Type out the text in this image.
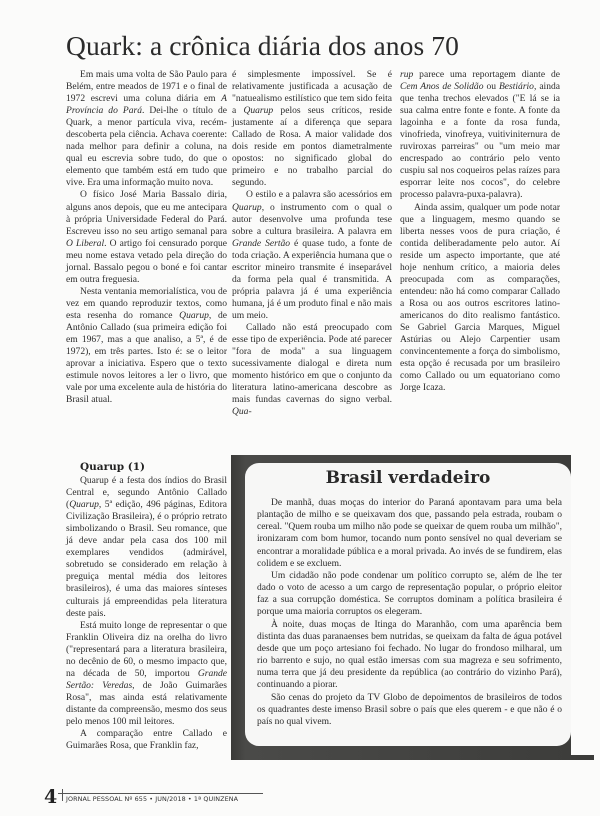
Quark: a crônica diária dos anos 70

Em mais uma volta de São Paulo para Belém, entre meados de 1971 e o final de 1972 escrevi uma coluna diária em A Província do Pará. Dei-lhe o título de Quark, a menor partícula viva, recém-descoberta pela ciência. Achava coerente: nada melhor para definir a coluna, na qual eu escrevia sobre tudo, do que o elemento que também está em tudo que vive. Era uma informação muito nova.

O físico José Maria Bassalo diria, alguns anos depois, que eu me antecipara à própria Universidade Federal do Pará. Escreveu isso no seu artigo semanal para O Liberal. O artigo foi censurado porque meu nome estava vetado pela direção do jornal. Bassalo pegou o boné e foi cantar em outra freguesia.

Nesta ventania memorialística, vou de vez em quando reproduzir textos, como esta resenha do romance Quarup, de Antônio Callado (sua primeira edição foi em 1967, mas a que analiso, a 5ª, é de 1972), em três partes. Isto é: se o leitor aprovar a iniciativa. Espero que o texto estimule novos leitores a ler o livro, que vale por uma excelente aula de história do Brasil atual.

Quarup (1)

Quarup é a festa dos índios do Brasil Central e, segundo Antônio Callado (Quarup, 5ª edição, 496 páginas, Editora Civilização Brasileira), é o próprio retrato simbolizando o Brasil. Seu romance, que já deve andar pela casa dos 100 mil exemplares vendidos (admirável, sobretudo se considerado em relação à preguiça mental média dos leitores brasileiros), é uma das maiores sínteses culturais já empreendidas pela literatura deste pais.

Está muito longe de representar o que Franklin Oliveira diz na orelha do livro ("representará para a literatura brasileira, no decênio de 60, o mesmo impacto que, na década de 50, importou Grande Sertão: Veredas, de João Guimarães Rosa", mas ainda está relativamente distante da compreensão, mesmo dos seus pelo menos 100 mil leitores.

A comparação entre Callado e Guimarães Rosa, que Franklin faz,

é simplesmente impossível. Se é relativamente justificada a acusação de "natuealismo estilístico que tem sido feita a Quarup pelos seus críticos, reside justamente aí a diferença que separa Callado de Rosa. A maior validade dos dois reside em pontos diametralmente opostos: no significado global do primeiro e no trabalho parcial do segundo.

O estilo e a palavra são acessórios em Quarup, o instrumento com o qual o autor desenvolve uma profunda tese sobre a cultura brasileira. A palavra em Grande Sertão é quase tudo, a fonte de toda criação. A experiência humana que o escritor mineiro transmite é inseparável da forma pela qual é transmitida. A própria palavra já é uma experiência humana, já é um produto final e não mais um meio.

Callado não está preocupado com esse tipo de experiência. Pode até parecer "fora de moda" a sua linguagem sucessivamente dialogal e direta num momento histórico em que o conjunto da literatura latino-americana descobre as mais fundas cavernas do signo verbal. Qua-

rup parece uma reportagem diante de Cem Anos de Solidão ou Bestiário, ainda que tenha trechos elevados ("E lá se ia sua calma entre fonte e fonte. A fonte da lagoinha e a fonte da rosa funda, vinofrieda, vinofreya, vuitiviniternura de ruviroxas parreiras" ou "um meio mar encrespado ao contrário pelo vento cuspiu sal nos coqueiros pelas raízes para esporrar leite nos cocos", do celebre processo palavra-puxa-palavra).

Ainda assim, qualquer um pode notar que a linguagem, mesmo quando se liberta nesses voos de pura criação, é contida deliberadamente pelo autor. Aí reside um aspecto importante, que até hoje nenhum crítico, a maioria deles preocupada com as comparações, entendeu: não há como comparar Callado a Rosa ou aos outros escritores latino-americanos do dito realismo fantástico. Se Gabriel Garcia Marques, Miguel Astúrias ou Alejo Carpentier usam convincentemente a força do simbolismo, esta opção é recusada por um brasileiro como Callado ou um equatoriano como Jorge Icaza.

Brasil verdadeiro

De manhã, duas moças do interior do Paraná apontavam para uma bela plantação de milho e se queixavam dos que, passando pela estrada, roubam o cereal. "Quem rouba um milho não pode se queixar de quem rouba um milhão", ironizaram com bom humor, tocando num ponto sensível no qual deveriam se encontrar a moralidade pública e a moral privada. Ao invés de se fundirem, elas colidem e se excluem.

Um cidadão não pode condenar um político corrupto se, além de lhe ter dado o voto de acesso a um cargo de representação popular, o próprio eleitor faz a sua corrupção doméstica. Se corruptos dominam a política brasileira é porque uma maioria corruptos os elegeram.

À noite, duas moças de Itinga do Maranhão, com uma aparência bem distinta das duas paranaenses bem nutridas, se queixam da falta de água potável desde que um poço artesiano foi fechado. No lugar do frondoso milharal, um rio barrento e sujo, no qual estão imersas com sua magreza e seu sofrimento, numa terra que já deu presidente da república (ao contrário do vizinho Pará), continuando a piorar.

São cenas do projeto da TV Globo de depoimentos de brasileiros de todos os quadrantes deste imenso Brasil sobre o país que eles querem - e que não é o país no qual vivem.

4 JORNAL PESSOAL Nº 655 • JUN/2018 • 1ª QUINZENA
